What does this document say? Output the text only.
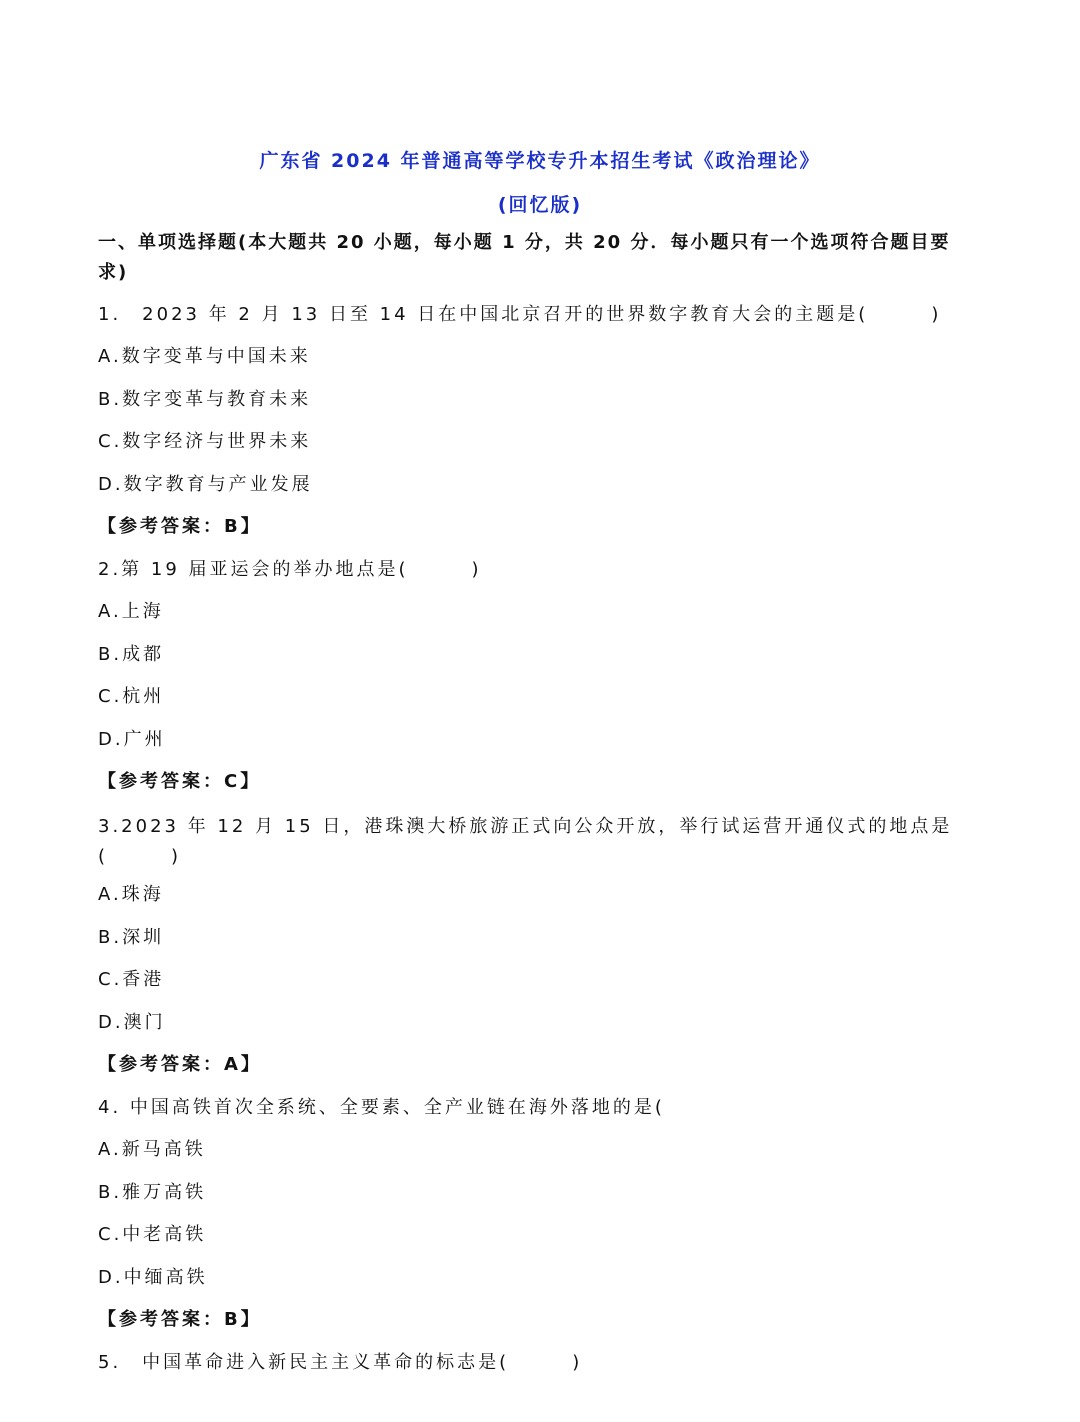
广东省 2024 年普通高等学校专升本招生考试《政治理论》
(回忆版)
一、单项选择题(本大题共 20 小题，每小题 1 分，共 20 分．每小题只有一个选项符合题目要求)
1.　2023 年 2 月 13 日至 14 日在中国北京召开的世界数字教育大会的主题是(　　　)
A.数字变革与中国未来
B.数字变革与教育未来
C.数字经济与世界未来
D.数字教育与产业发展
【参考答案：B】
2.第 19 届亚运会的举办地点是(　　　)
A.上海
B.成都
C.杭州
D.广州
【参考答案：C】
3.2023 年 12 月 15 日，港珠澳大桥旅游正式向公众开放，举行试运营开通仪式的地点是(　　　)
A.珠海
B.深圳
C.香港
D.澳门
【参考答案：A】
4. 中国高铁首次全系统、全要素、全产业链在海外落地的是(
A.新马高铁
B.雅万高铁
C.中老高铁
D.中缅高铁
【参考答案：B】
5.　中国革命进入新民主主义革命的标志是(　　　)
